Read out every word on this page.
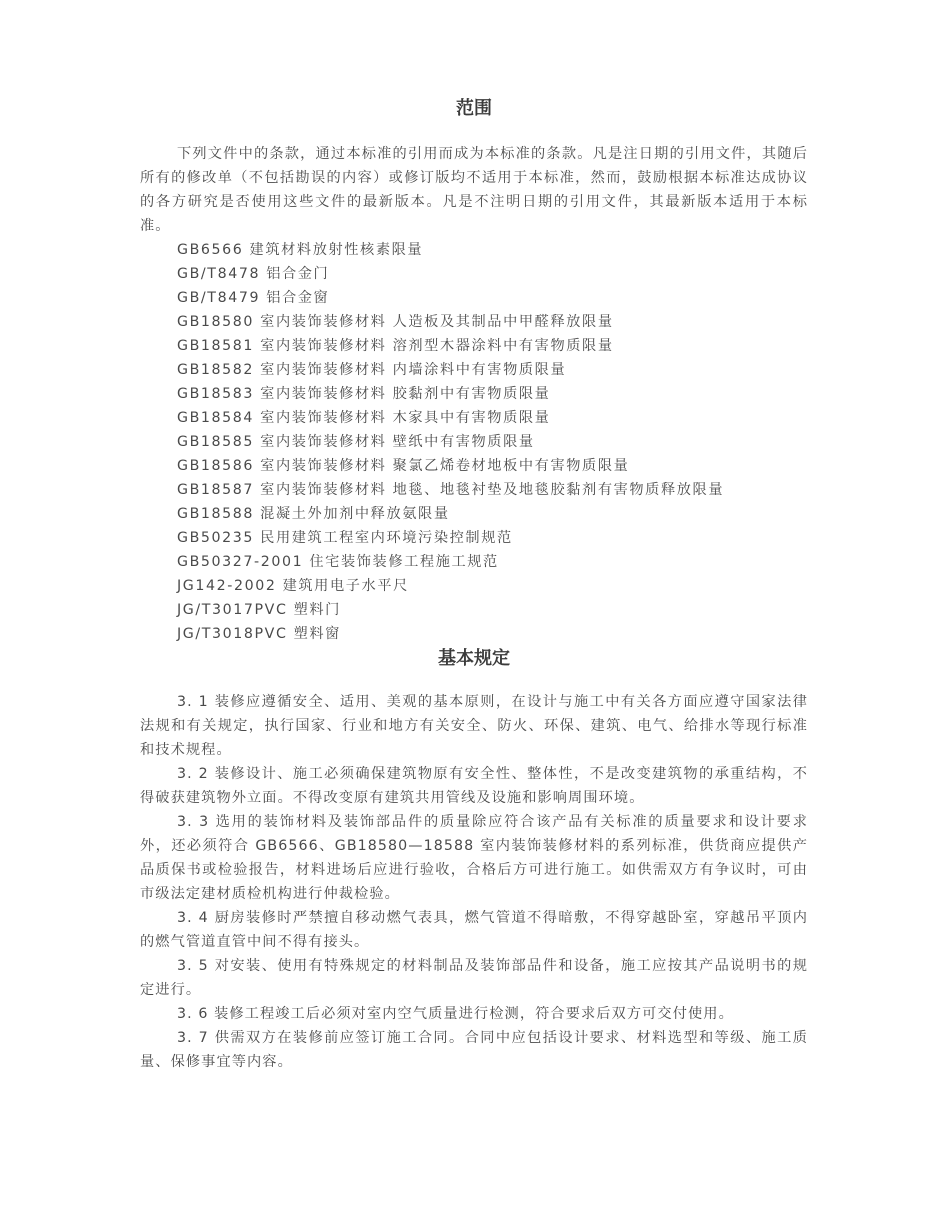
范围

下列文件中的条款，通过本标准的引用而成为本标准的条款。凡是注日期的引用文件，其随后所有的修改单（不包括勘误的内容）或修订版均不适用于本标准，然而，鼓励根据本标准达成协议的各方研究是否使用这些文件的最新版本。凡是不注明日期的引用文件，其最新版本适用于本标准。

GB6566 建筑材料放射性核素限量
GB/T8478 铝合金门
GB/T8479 铝合金窗
GB18580 室内装饰装修材料 人造板及其制品中甲醛释放限量
GB18581 室内装饰装修材料 溶剂型木器涂料中有害物质限量
GB18582 室内装饰装修材料 内墙涂料中有害物质限量
GB18583 室内装饰装修材料 胶黏剂中有害物质限量
GB18584 室内装饰装修材料 木家具中有害物质限量
GB18585 室内装饰装修材料 壁纸中有害物质限量
GB18586 室内装饰装修材料 聚氯乙烯卷材地板中有害物质限量
GB18587 室内装饰装修材料 地毯、地毯衬垫及地毯胶黏剂有害物质释放限量
GB18588 混凝土外加剂中释放氨限量
GB50235 民用建筑工程室内环境污染控制规范
GB50327-2001 住宅装饰装修工程施工规范
JG142-2002 建筑用电子水平尺
JG/T3017PVC 塑料门
JG/T3018PVC 塑料窗
基本规定

3. 1 装修应遵循安全、适用、美观的基本原则，在设计与施工中有关各方面应遵守国家法律法规和有关规定，执行国家、行业和地方有关安全、防火、环保、建筑、电气、给排水等现行标准和技术规程。

3. 2 装修设计、施工必须确保建筑物原有安全性、整体性，不是改变建筑物的承重结构，不得破获建筑物外立面。不得改变原有建筑共用管线及设施和影响周围环境。

3. 3 选用的装饰材料及装饰部品件的质量除应符合该产品有关标准的质量要求和设计要求外，还必须符合 GB6566、GB18580—18588 室内装饰装修材料的系列标准，供货商应提供产品质保书或检验报告，材料进场后应进行验收，合格后方可进行施工。如供需双方有争议时，可由市级法定建材质检机构进行仲裁检验。

3. 4 厨房装修时严禁擅自移动燃气表具，燃气管道不得暗敷，不得穿越卧室，穿越吊平顶内的燃气管道直管中间不得有接头。

3. 5 对安装、使用有特殊规定的材料制品及装饰部品件和设备，施工应按其产品说明书的规定进行。

3. 6 装修工程竣工后必须对室内空气质量进行检测，符合要求后双方可交付使用。

3. 7 供需双方在装修前应签订施工合同。合同中应包括设计要求、材料选型和等级、施工质量、保修事宜等内容。
